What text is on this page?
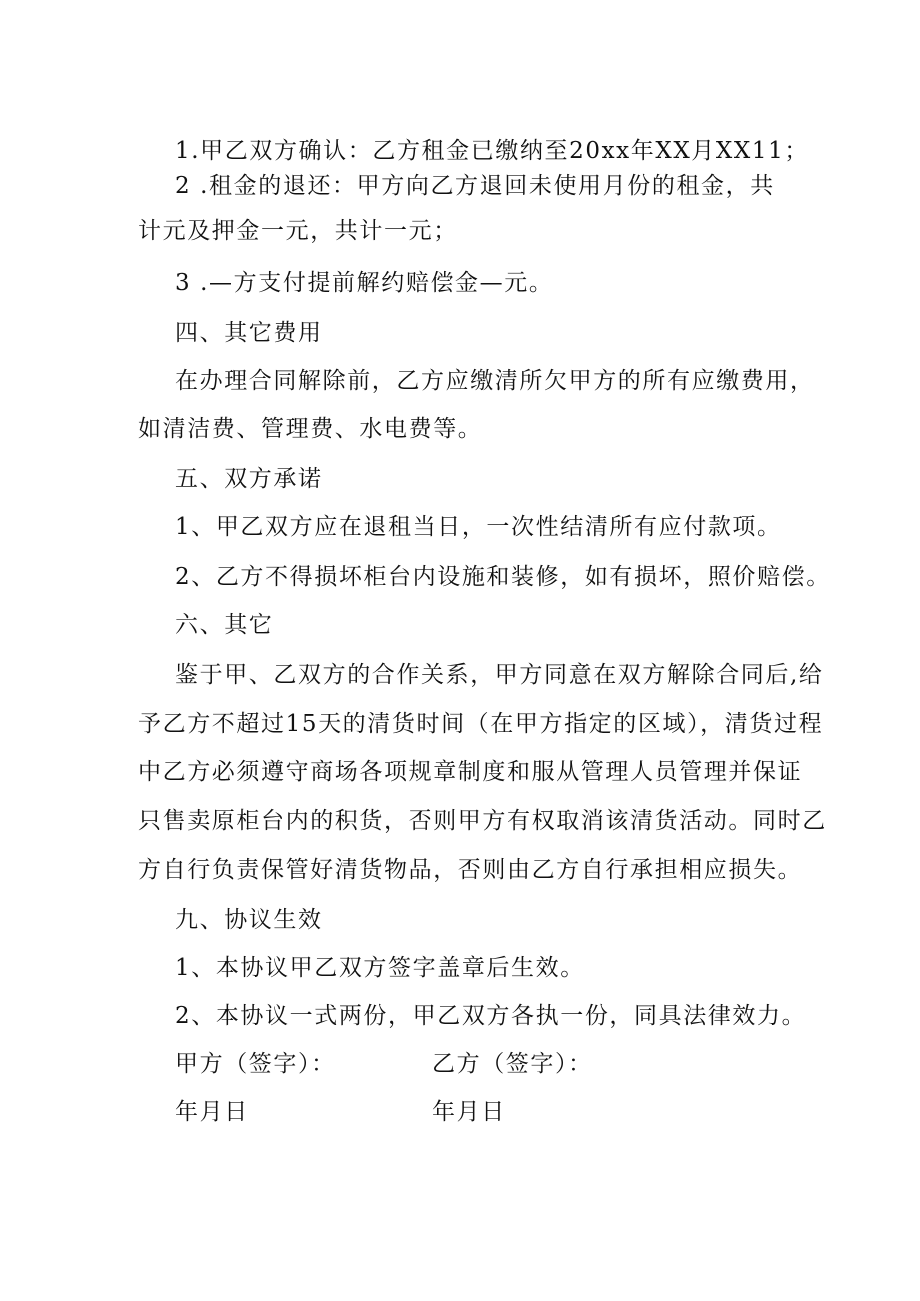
1.甲乙双方确认：乙方租金已缴纳至20xx年XX月XX11；
2 .租金的退还：甲方向乙方退回未使用月份的租金，共
计元及押金一元，共计一元；
3 .—方支付提前解约赔偿金—元。
四、其它费用
在办理合同解除前，乙方应缴清所欠甲方的所有应缴费用，
如清洁费、管理费、水电费等。
五、双方承诺
1、甲乙双方应在退租当日，一次性结清所有应付款项。
2、乙方不得损坏柜台内设施和装修，如有损坏，照价赔偿。
六、其它
鉴于甲、乙双方的合作关系，甲方同意在双方解除合同后,给
予乙方不超过15天的清货时间（在甲方指定的区域），清货过程
中乙方必须遵守商场各项规章制度和服从管理人员管理并保证
只售卖原柜台内的积货，否则甲方有权取消该清货活动。同时乙
方自行负责保管好清货物品，否则由乙方自行承担相应损失。
九、协议生效
1、本协议甲乙双方签字盖章后生效。
2、本协议一式两份，甲乙双方各执一份，同具法律效力。
甲方（签字）：	乙方（签字）：
年月日	年月日
